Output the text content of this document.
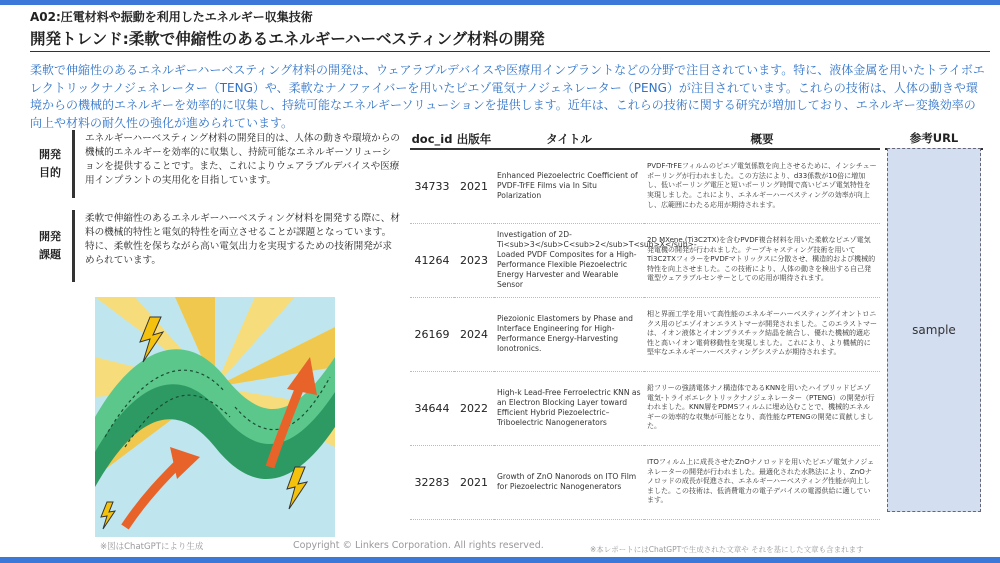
A02:圧電材料や振動を利用したエネルギー収集技術
開発トレンド:柔軟で伸縮性のあるエネルギーハーベスティング材料の開発

柔軟で伸縮性のあるエネルギーハーベスティング材料の開発は、ウェアラブルデバイスや医療用インプラントなどの分野で注目されています。特に、液体金属を用いたトライボエレクトリックナノジェネレーター（TENG）や、柔軟なナノファイバーを用いたピエゾ電気ナノジェネレーター（PENG）が注目されています。これらの技術は、人体の動きや環境からの機械的エネルギーを効率的に収集し、持続可能なエネルギーソリューションを提供します。近年は、これらの技術に関する研究が増加しており、エネルギー変換効率の向上や材料の耐久性の強化が進められています。

開発
目的

エネルギーハーベスティング材料の開発目的は、人体の動きや環境からの機械的エネルギーを効率的に収集し、持続可能なエネルギーソリューションを提供することです。また、これによりウェアラブルデバイスや医療用インプラントの実用化を目指しています。

開発
課題

柔軟で伸縮性のあるエネルギーハーベスティング材料を開発する際に、材料の機械的特性と電気的特性を両立させることが課題となっています。特に、柔軟性を保ちながら高い電気出力を実現するための技術開発が求められています。

doc_id	出版年	タイトル	概要
34733	2021	Enhanced Piezoelectric Coefficient of PVDF-TrFE Films via In Situ Polarization	PVDF-TrFEフィルムのピエゾ電気係数を向上させるために、インシチューポーリングが行われました。この方法により、d33係数が10倍に増加し、低いポーリング電圧と短いポーリング時間で高いピエゾ電気特性を実現しました。これにより、エネルギーハーベスティングの効率が向上し、広範囲にわたる応用が期待されます。
41264	2023	Investigation of 2D-Ti<sub>3</sub>C<sub>2</sub>T<sub>X</sub>-Loaded PVDF Composites for a High-Performance Flexible Piezoelectric Energy Harvester and Wearable Sensor	2D MXene (Ti3C2TX)を含むPVDF複合材料を用いた柔軟なピエゾ電気発電機の開発が行われました。テープキャスティング技術を用いてTi3C2TXフィラーをPVDFマトリックスに分散させ、構造的および機械的特性を向上させました。この技術により、人体の動きを検出する自己発電型ウェアラブルセンサーとしての応用が期待されます。
26169	2024	Piezoionic Elastomers by Phase and Interface Engineering for High-Performance Energy-Harvesting Ionotronics.	相と界面工学を用いて高性能のエネルギーハーベスティングイオントロニクス用のピエゾイオンエラストマーが開発されました。このエラストマーは、イオン液体とイオンプラスチック結晶を統合し、優れた機械的適応性と高いイオン電荷移動性を実現しました。これにより、より機械的に堅牢なエネルギーハーベスティングシステムが期待されます。
34644	2022	High-k Lead-Free Ferroelectric KNN as an Electron Blocking Layer toward Efficient Hybrid Piezoelectric–Triboelectric Nanogenerators	鉛フリーの強誘電体ナノ構造体であるKNNを用いたハイブリッドピエゾ電気-トライボエレクトリックナノジェネレーター（PTENG）の開発が行われました。KNN層をPDMSフィルムに埋め込むことで、機械的エネルギーの効率的な収集が可能となり、高性能なPTENGの開発に貢献しました。
32283	2021	Growth of ZnO Nanorods on ITO Film for Piezoelectric Nanogenerators	ITOフィルム上に成長させたZnOナノロッドを用いたピエゾ電気ナノジェネレーターの開発が行われました。最適化された水熱法により、ZnOナノロッドの成長が促進され、エネルギーハーベスティング性能が向上しました。この技術は、低消費電力の電子デバイスの電源供給に適しています。
参考URL
sample
※図はChatGPTにより生成	Copyright © Linkers Corporation. All rights reserved.	※本レポートにはChatGPTで生成された文章や それを基にした文章も含まれます
